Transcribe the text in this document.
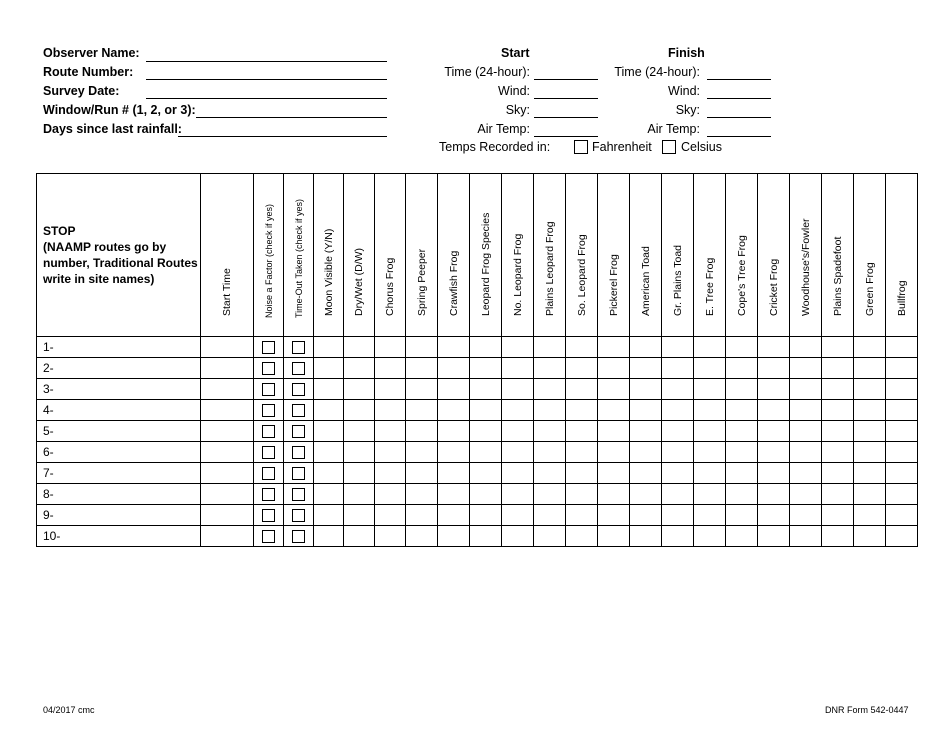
Observer Name:
Route Number:
Survey Date:
Window/Run # (1, 2, or 3):
Days since last rainfall:
Start	Finish
Time (24-hour):	Time (24-hour):
Wind:	Wind:
Sky:	Sky:
Air Temp:	Air Temp:
Temps Recorded in:	Fahrenheit Celsius
STOP
(NAAMP routes go by
number, Traditional Routes
write in site names)	Start Time	Noise a Factor (check if yes)	Time-Out Taken (check if yes)	Moon Visible (Y/N)	Dry/Wet (D/W)	Chorus Frog	Spring Peeper	Crawfish Frog	Leopard Frog Species	No. Leopard Frog	Plains Leopard Frog	So. Leopard Frog	Pickerel Frog	American Toad	Gr. Plains Toad	E. Tree Frog	Cope's Tree Frog	Cricket Frog	Woodhouse's/Fowler	Plains Spadefoot	Green Frog	Bullfrog

1-		

2-		

3-		

4-		

5-		

6-		

7-		

8-		

9-		

10-		

04/2017 cmc	DNR Form 542-0447
